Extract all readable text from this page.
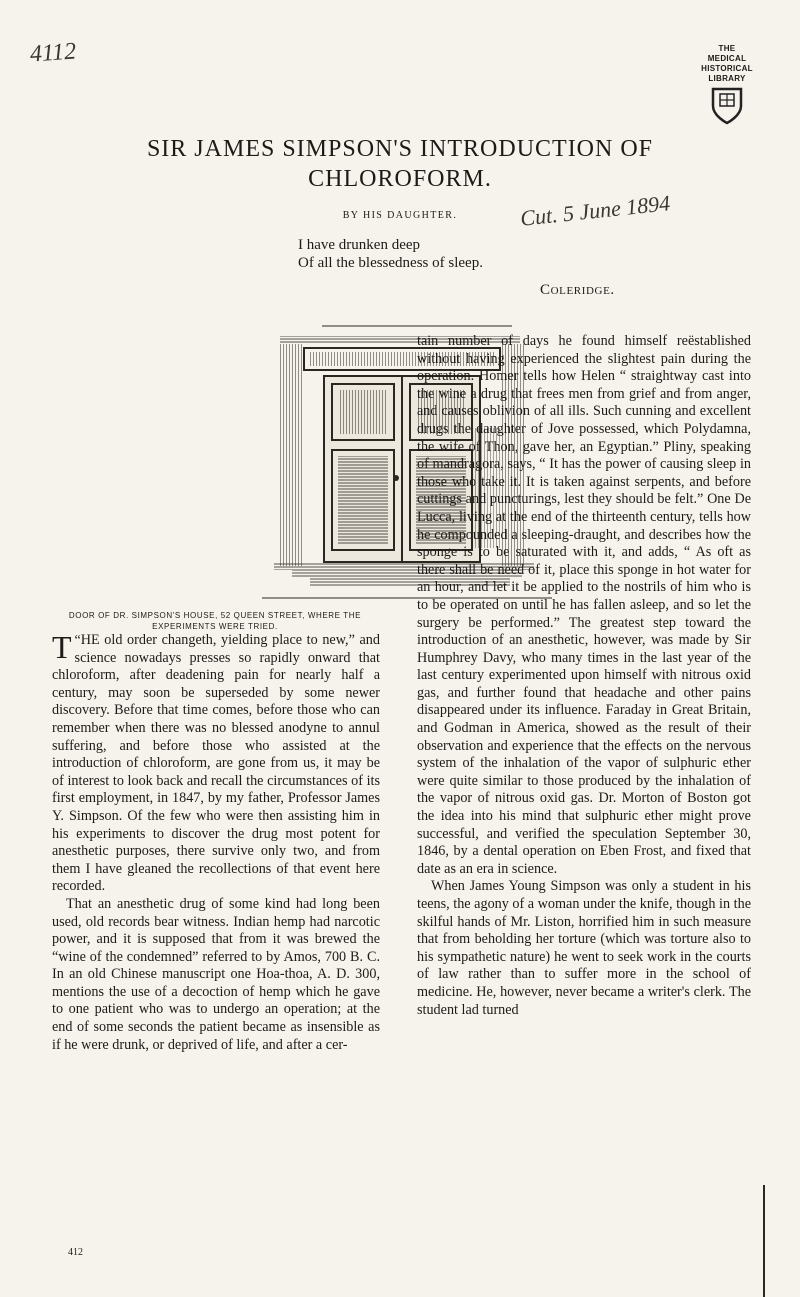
4112	THE
MEDICAL
HISTORICAL
LIBRARY
SIR JAMES SIMPSON'S INTRODUCTION OF
CHLOROFORM.
BY HIS DAUGHTER.	Cut. 5 June 1894
I have drunken deep
Of all the blessedness of sleep.
Coleridge.
DOOR OF DR. SIMPSON'S HOUSE, 52 QUEEN STREET, WHERE THE EXPERIMENTS WERE TRIED.

“
T HE old order changeth, yielding place to new,” and science nowadays presses so rapidly onward that chloroform, after deadening pain for nearly half a century, may soon be superseded by some newer discovery. Before that time comes, before those who can remember when there was no blessed anodyne to annul suffering, and before those who assisted at the introduction of chloroform, are gone from us, it may be of interest to look back and recall the circumstances of its first employment, in 1847, by my father, Professor James Y. Simpson. Of the few who were then assisting him in his experiments to discover the drug most potent for anesthetic purposes, there survive only two, and from them I have gleaned the recollections of that event here recorded.

That an anesthetic drug of some kind had long been used, old records bear witness. Indian hemp had narcotic power, and it is supposed that from it was brewed the “wine of the condemned” referred to by Amos, 700 B. C. In an old Chinese manuscript one Hoa-thoa, A. D. 300, mentions the use of a decoction of hemp which he gave to one patient who was to undergo an operation; at the end of some seconds the patient became as insensible as if he were drunk, or deprived of life, and after a cer-

tain number of days he found himself reëstablished without having experienced the slightest pain during the operation. Homer tells how Helen “ straightway cast into the wine a drug that frees men from grief and from anger, and causes oblivion of all ills. Such cunning and excellent drugs the daughter of Jove possessed, which Polydamna, the wife of Thon, gave her, an Egyptian.” Pliny, speaking of mandragora, says, “ It has the power of causing sleep in those who take it. It is taken against serpents, and before cuttings and puncturings, lest they should be felt.” One De Lucca, living at the end of the thirteenth century, tells how he compounded a sleeping-draught, and describes how the sponge is to be saturated with it, and adds, “ As oft as there shall be need of it, place this sponge in hot water for an hour, and let it be applied to the nostrils of him who is to be operated on until he has fallen asleep, and so let the surgery be performed.” The greatest step toward the introduction of an anesthetic, however, was made by Sir Humphrey Davy, who many times in the last year of the last century experimented upon himself with nitrous oxid gas, and further found that headache and other pains disappeared under its influence. Faraday in Great Britain, and Godman in America, showed as the result of their observation and experience that the effects on the nervous system of the inhalation of the vapor of sulphuric ether were quite similar to those produced by the inhalation of the vapor of nitrous oxid gas. Dr. Morton of Boston got the idea into his mind that sulphuric ether might prove successful, and verified the speculation September 30, 1846, by a dental operation on Eben Frost, and fixed that date as an era in science.

When James Young Simpson was only a student in his teens, the agony of a woman under the knife, though in the skilful hands of Mr. Liston, horrified him in such measure that from beholding her torture (which was torture also to his sympathetic nature) he went to seek work in the courts of law rather than to suffer more in the school of medicine. He, however, never became a writer's clerk. The student lad turned

412
